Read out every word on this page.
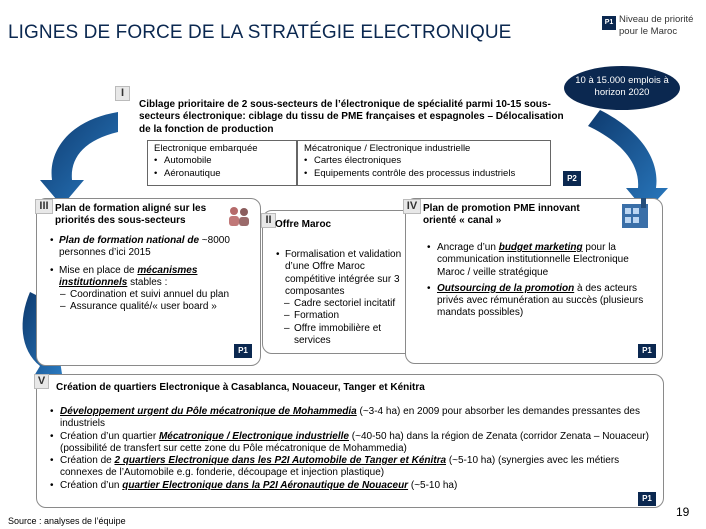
LIGNES DE FORCE DE LA STRATÉGIE ELECTRONIQUE	P1 Niveau de priorité pour le Maroc
10 à 15.000 emplois à horizon 2020
I
Ciblage prioritaire de 2 sous-secteurs de l’électronique de spécialité parmi 10-15 sous-secteurs électronique: ciblage du tissu de PME françaises et espagnoles – Délocalisation de la fonction de production
Electronique embarquée
• Automobile
• Aéronautique
Mécatronique / Electronique industrielle
• Cartes électroniques
• Equipements contrôle des processus industriels	P2
III Plan de formation aligné sur les priorités des sous-secteurs
• Plan de formation national de ~8000 personnes d’ici 2015
• Mise en place de mécanismes institutionnels stables :
– Coordination et suivi annuel du plan
– Assurance qualité/« user board »
P1
II Offre Maroc
• Formalisation et validation d’une Offre Maroc compétitive intégrée sur 3 composantes
– Cadre sectoriel incitatif
– Formation
– Offre immobilière et services
IV Plan de promotion PME innovant orienté « canal »
• Ancrage d’un budget marketing pour la communication institutionnelle Electronique Maroc / veille stratégique
• Outsourcing de la promotion à des acteurs privés avec rémunération au succès (plusieurs mandats possibles)
P1
V
Création de quartiers Electronique à Casablanca, Nouaceur, Tanger et Kénitra
• Développement urgent du Pôle mécatronique de Mohammedia (~3-4 ha) en 2009 pour absorber les demandes pressantes des industriels
• Création d’un quartier Mécatronique / Electronique industrielle (~40-50 ha) dans la région de Zenata (corridor Zenata – Nouaceur) (possibilité de transfert sur cette zone du Pôle mécatronique de Mohammedia)
• Création de 2 quartiers Electronique dans les P2I Automobile de Tanger et Kénitra (~5-10 ha) (synergies avec les métiers connexes de l’Automobile e.g. fonderie, découpage et injection plastique)
• Création d’un quartier Electronique dans la P2I Aéronautique de Nouaceur (~5-10 ha)
P1
Source : analyses de l’équipe
19
